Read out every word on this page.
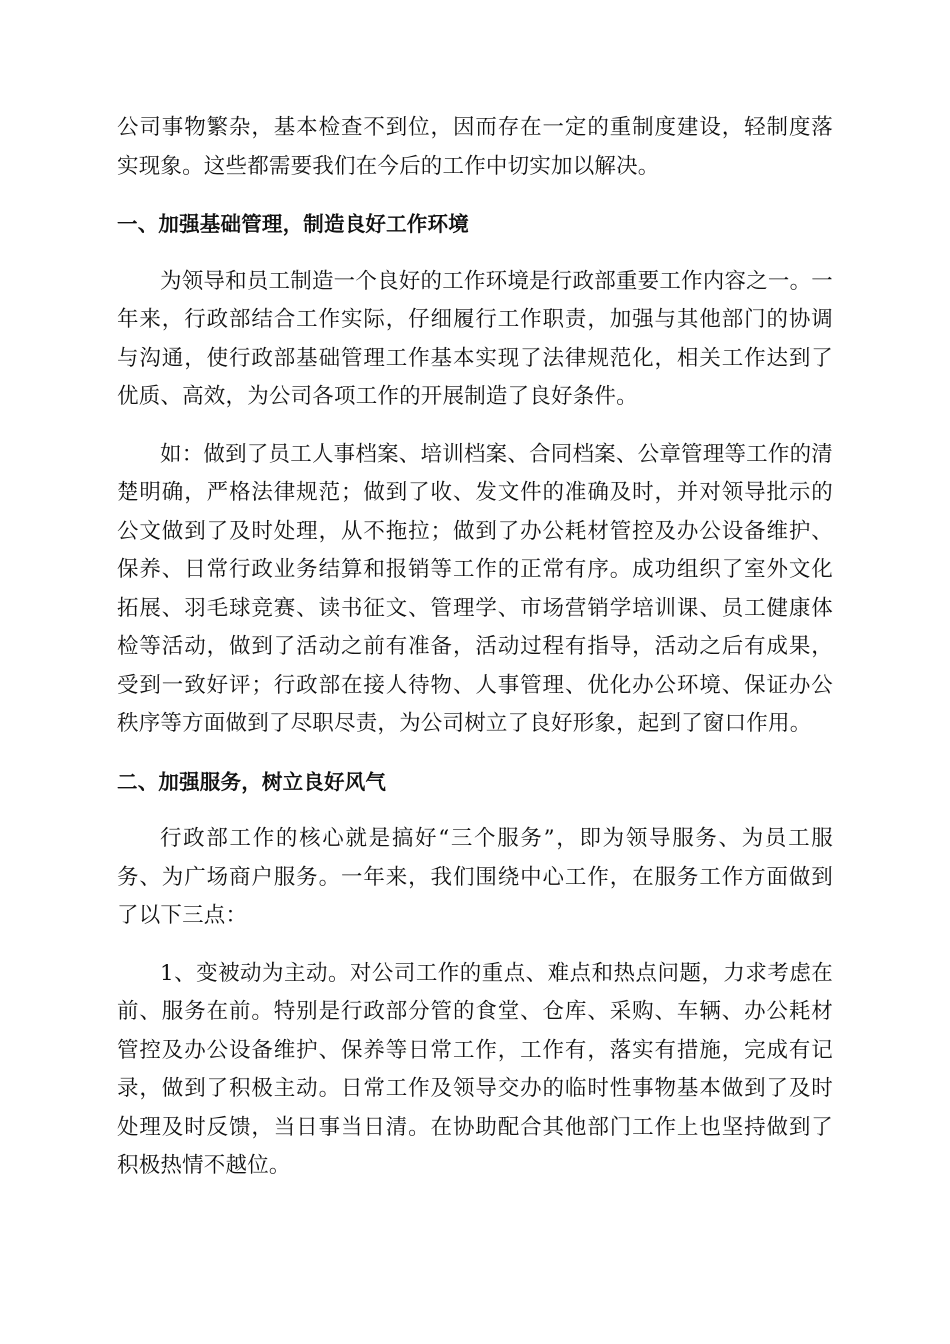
公司事物繁杂，基本检查不到位，因而存在一定的重制度建设，轻制度落实现象。这些都需要我们在今后的工作中切实加以解决。

一、加强基础管理，制造良好工作环境

为领导和员工制造一个良好的工作环境是行政部重要工作内容之一。一年来，行政部结合工作实际，仔细履行工作职责，加强与其他部门的协调与沟通，使行政部基础管理工作基本实现了法律规范化，相关工作达到了优质、高效，为公司各项工作的开展制造了良好条件。

如：做到了员工人事档案、培训档案、合同档案、公章管理等工作的清楚明确，严格法律规范；做到了收、发文件的准确及时，并对领导批示的公文做到了及时处理，从不拖拉；做到了办公耗材管控及办公设备维护、保养、日常行政业务结算和报销等工作的正常有序。成功组织了室外文化拓展、羽毛球竞赛、读书征文、管理学、市场营销学培训课、员工健康体检等活动，做到了活动之前有准备，活动过程有指导，活动之后有成果，受到一致好评；行政部在接人待物、人事管理、优化办公环境、保证办公秩序等方面做到了尽职尽责，为公司树立了良好形象，起到了窗口作用。

二、加强服务，树立良好风气

行政部工作的核心就是搞好“三个服务”，即为领导服务、为员工服务、为广场商户服务。一年来，我们围绕中心工作，在服务工作方面做到了以下三点：

1、变被动为主动。对公司工作的重点、难点和热点问题，力求考虑在前、服务在前。特别是行政部分管的食堂、仓库、采购、车辆、办公耗材管控及办公设备维护、保养等日常工作，工作有，落实有措施，完成有记录，做到了积极主动。日常工作及领导交办的临时性事物基本做到了及时处理及时反馈，当日事当日清。在协助配合其他部门工作上也坚持做到了积极热情不越位。
